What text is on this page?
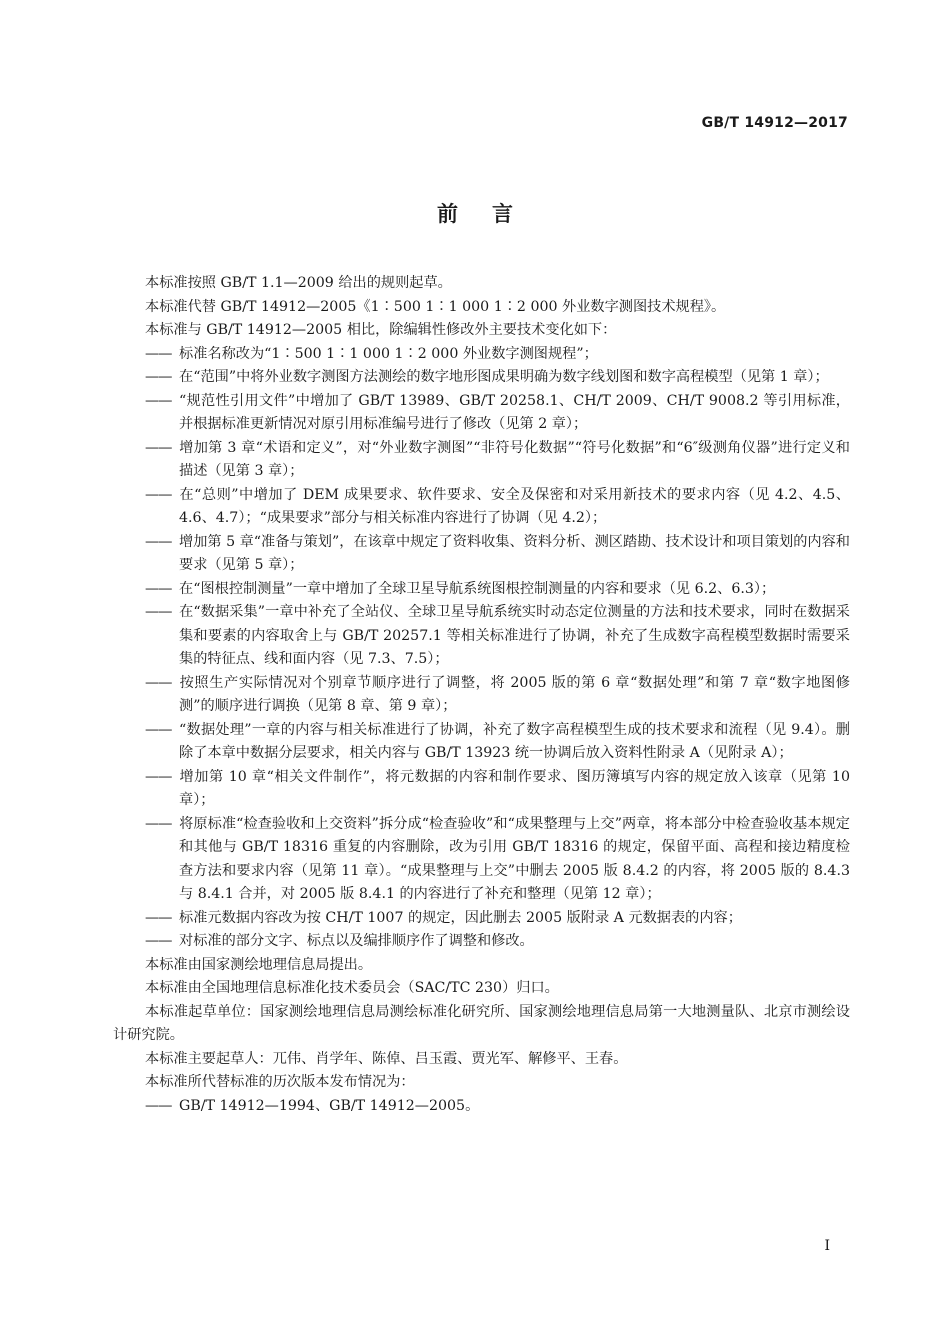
GB/T 14912—2017
前言

本标准按照 GB/T 1.1—2009 给出的规则起草。

本标准代替 GB/T 14912—2005《1∶500 1∶1 000 1∶2 000 外业数字测图技术规程》。

本标准与 GB/T 14912—2005 相比，除编辑性修改外主要技术变化如下：

—— 标准名称改为“1∶500 1∶1 000 1∶2 000 外业数字测图规程”；

—— 在“范围”中将外业数字测图方法测绘的数字地形图成果明确为数字线划图和数字高程模型（见第 1 章）；

—— “规范性引用文件”中增加了 GB/T 13989、GB/T 20258.1、CH/T 2009、CH/T 9008.2 等引用标准，并根据标准更新情况对原引用标准编号进行了修改（见第 2 章）；

—— 增加第 3 章“术语和定义”，对“外业数字测图”“非符号化数据”“符号化数据”和“6″级测角仪器”进行定义和描述（见第 3 章）；

—— 在“总则”中增加了 DEM 成果要求、软件要求、安全及保密和对采用新技术的要求内容（见 4.2、4.5、4.6、4.7）；“成果要求”部分与相关标准内容进行了协调（见 4.2）；

—— 增加第 5 章“准备与策划”，在该章中规定了资料收集、资料分析、测区踏勘、技术设计和项目策划的内容和要求（见第 5 章）；

—— 在“图根控制测量”一章中增加了全球卫星导航系统图根控制测量的内容和要求（见 6.2、6.3）；

—— 在“数据采集”一章中补充了全站仪、全球卫星导航系统实时动态定位测量的方法和技术要求，同时在数据采集和要素的内容取舍上与 GB/T 20257.1 等相关标准进行了协调，补充了生成数字高程模型数据时需要采集的特征点、线和面内容（见 7.3、7.5）；

—— 按照生产实际情况对个别章节顺序进行了调整，将 2005 版的第 6 章“数据处理”和第 7 章“数字地图修测”的顺序进行调换（见第 8 章、第 9 章）；

—— “数据处理”一章的内容与相关标准进行了协调，补充了数字高程模型生成的技术要求和流程（见 9.4）。删除了本章中数据分层要求，相关内容与 GB/T 13923 统一协调后放入资料性附录 A（见附录 A）；

—— 增加第 10 章“相关文件制作”，将元数据的内容和制作要求、图历簿填写内容的规定放入该章（见第 10 章）；

—— 将原标准“检查验收和上交资料”拆分成“检查验收”和“成果整理与上交”两章，将本部分中检查验收基本规定和其他与 GB/T 18316 重复的内容删除，改为引用 GB/T 18316 的规定，保留平面、高程和接边精度检查方法和要求内容（见第 11 章）。“成果整理与上交”中删去 2005 版 8.4.2 的内容，将 2005 版的 8.4.3 与 8.4.1 合并，对 2005 版 8.4.1 的内容进行了补充和整理（见第 12 章）；

—— 标准元数据内容改为按 CH/T 1007 的规定，因此删去 2005 版附录 A 元数据表的内容；

—— 对标准的部分文字、标点以及编排顺序作了调整和修改。

本标准由国家测绘地理信息局提出。

本标准由全国地理信息标准化技术委员会（SAC/TC 230）归口。

本标准起草单位：国家测绘地理信息局测绘标准化研究所、国家测绘地理信息局第一大地测量队、北京市测绘设计研究院。

本标准主要起草人：兀伟、肖学年、陈倬、吕玉霞、贾光军、解修平、王春。

本标准所代替标准的历次版本发布情况为：

—— GB/T 14912—1994、GB/T 14912—2005。

I
